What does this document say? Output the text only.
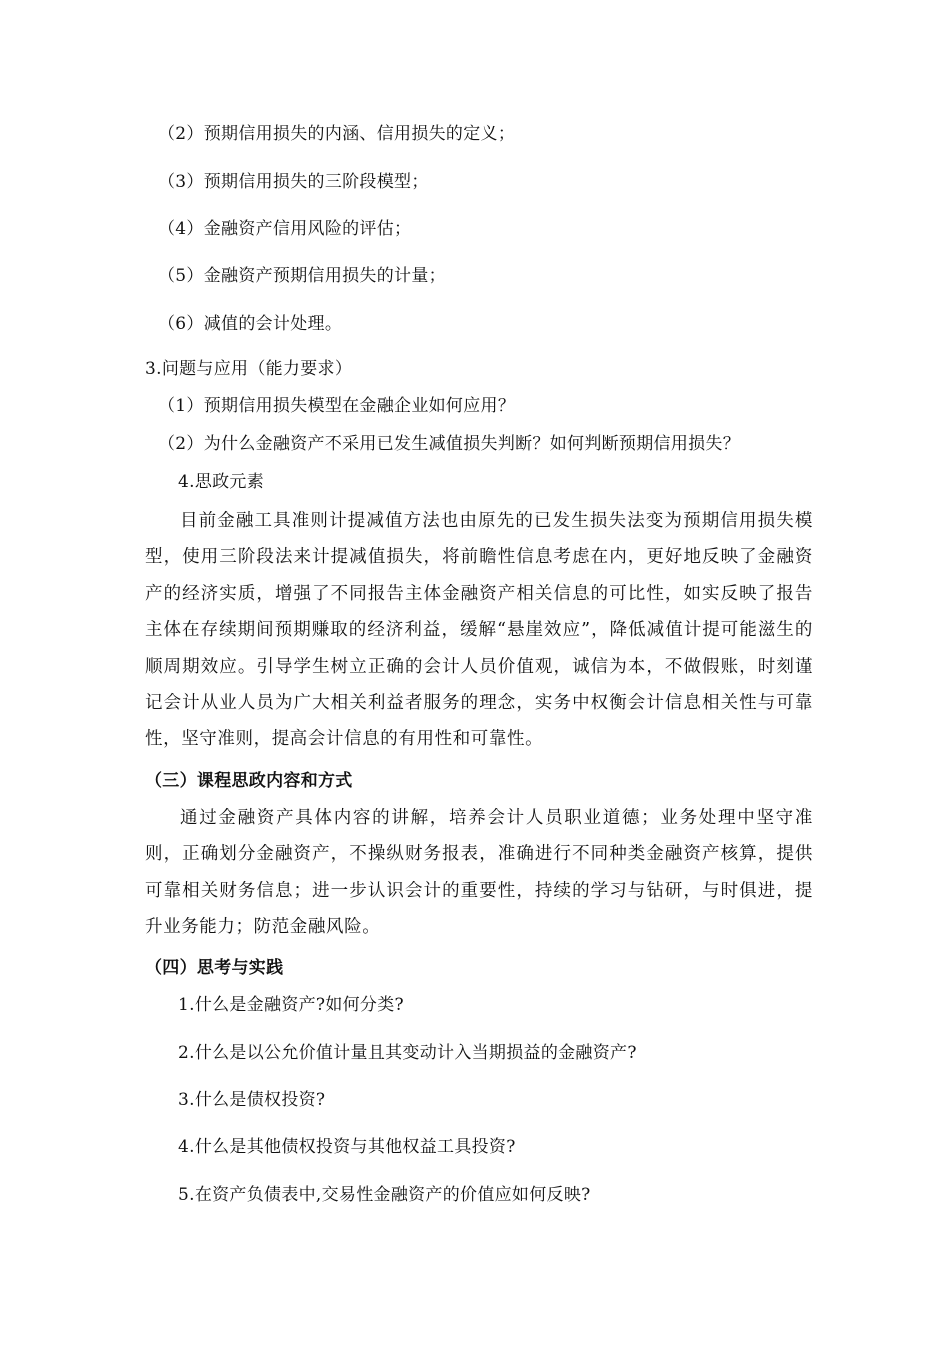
（2）预期信用损失的内涵、信用损失的定义；
（3）预期信用损失的三阶段模型；
（4）金融资产信用风险的评估；
（5）金融资产预期信用损失的计量；
（6）减值的会计处理。
3.问题与应用（能力要求）
（1）预期信用损失模型在金融企业如何应用？
（2）为什么金融资产不采用已发生减值损失判断？如何判断预期信用损失？
4.思政元素

目前金融工具准则计提减值方法也由原先的已发生损失法变为预期信用损失模型，使用三阶段法来计提减值损失，将前瞻性信息考虑在内，更好地反映了金融资产的经济实质，增强了不同报告主体金融资产相关信息的可比性，如实反映了报告主体在存续期间预期赚取的经济利益，缓解“悬崖效应”，降低减值计提可能滋生的顺周期效应。引导学生树立正确的会计人员价值观，诚信为本，不做假账，时刻谨记会计从业人员为广大相关利益者服务的理念，实务中权衡会计信息相关性与可靠性，坚守准则，提高会计信息的有用性和可靠性。

（三）课程思政内容和方式

通过金融资产具体内容的讲解，培养会计人员职业道德；业务处理中坚守准则，正确划分金融资产，不操纵财务报表，准确进行不同种类金融资产核算，提供可靠相关财务信息；进一步认识会计的重要性，持续的学习与钻研，与时俱进，提升业务能力；防范金融风险。

（四）思考与实践
1.什么是金融资产?如何分类?
2.什么是以公允价值计量且其变动计入当期损益的金融资产?
3.什么是债权投资?
4.什么是其他债权投资与其他权益工具投资?
5.在资产负债表中,交易性金融资产的价值应如何反映?
